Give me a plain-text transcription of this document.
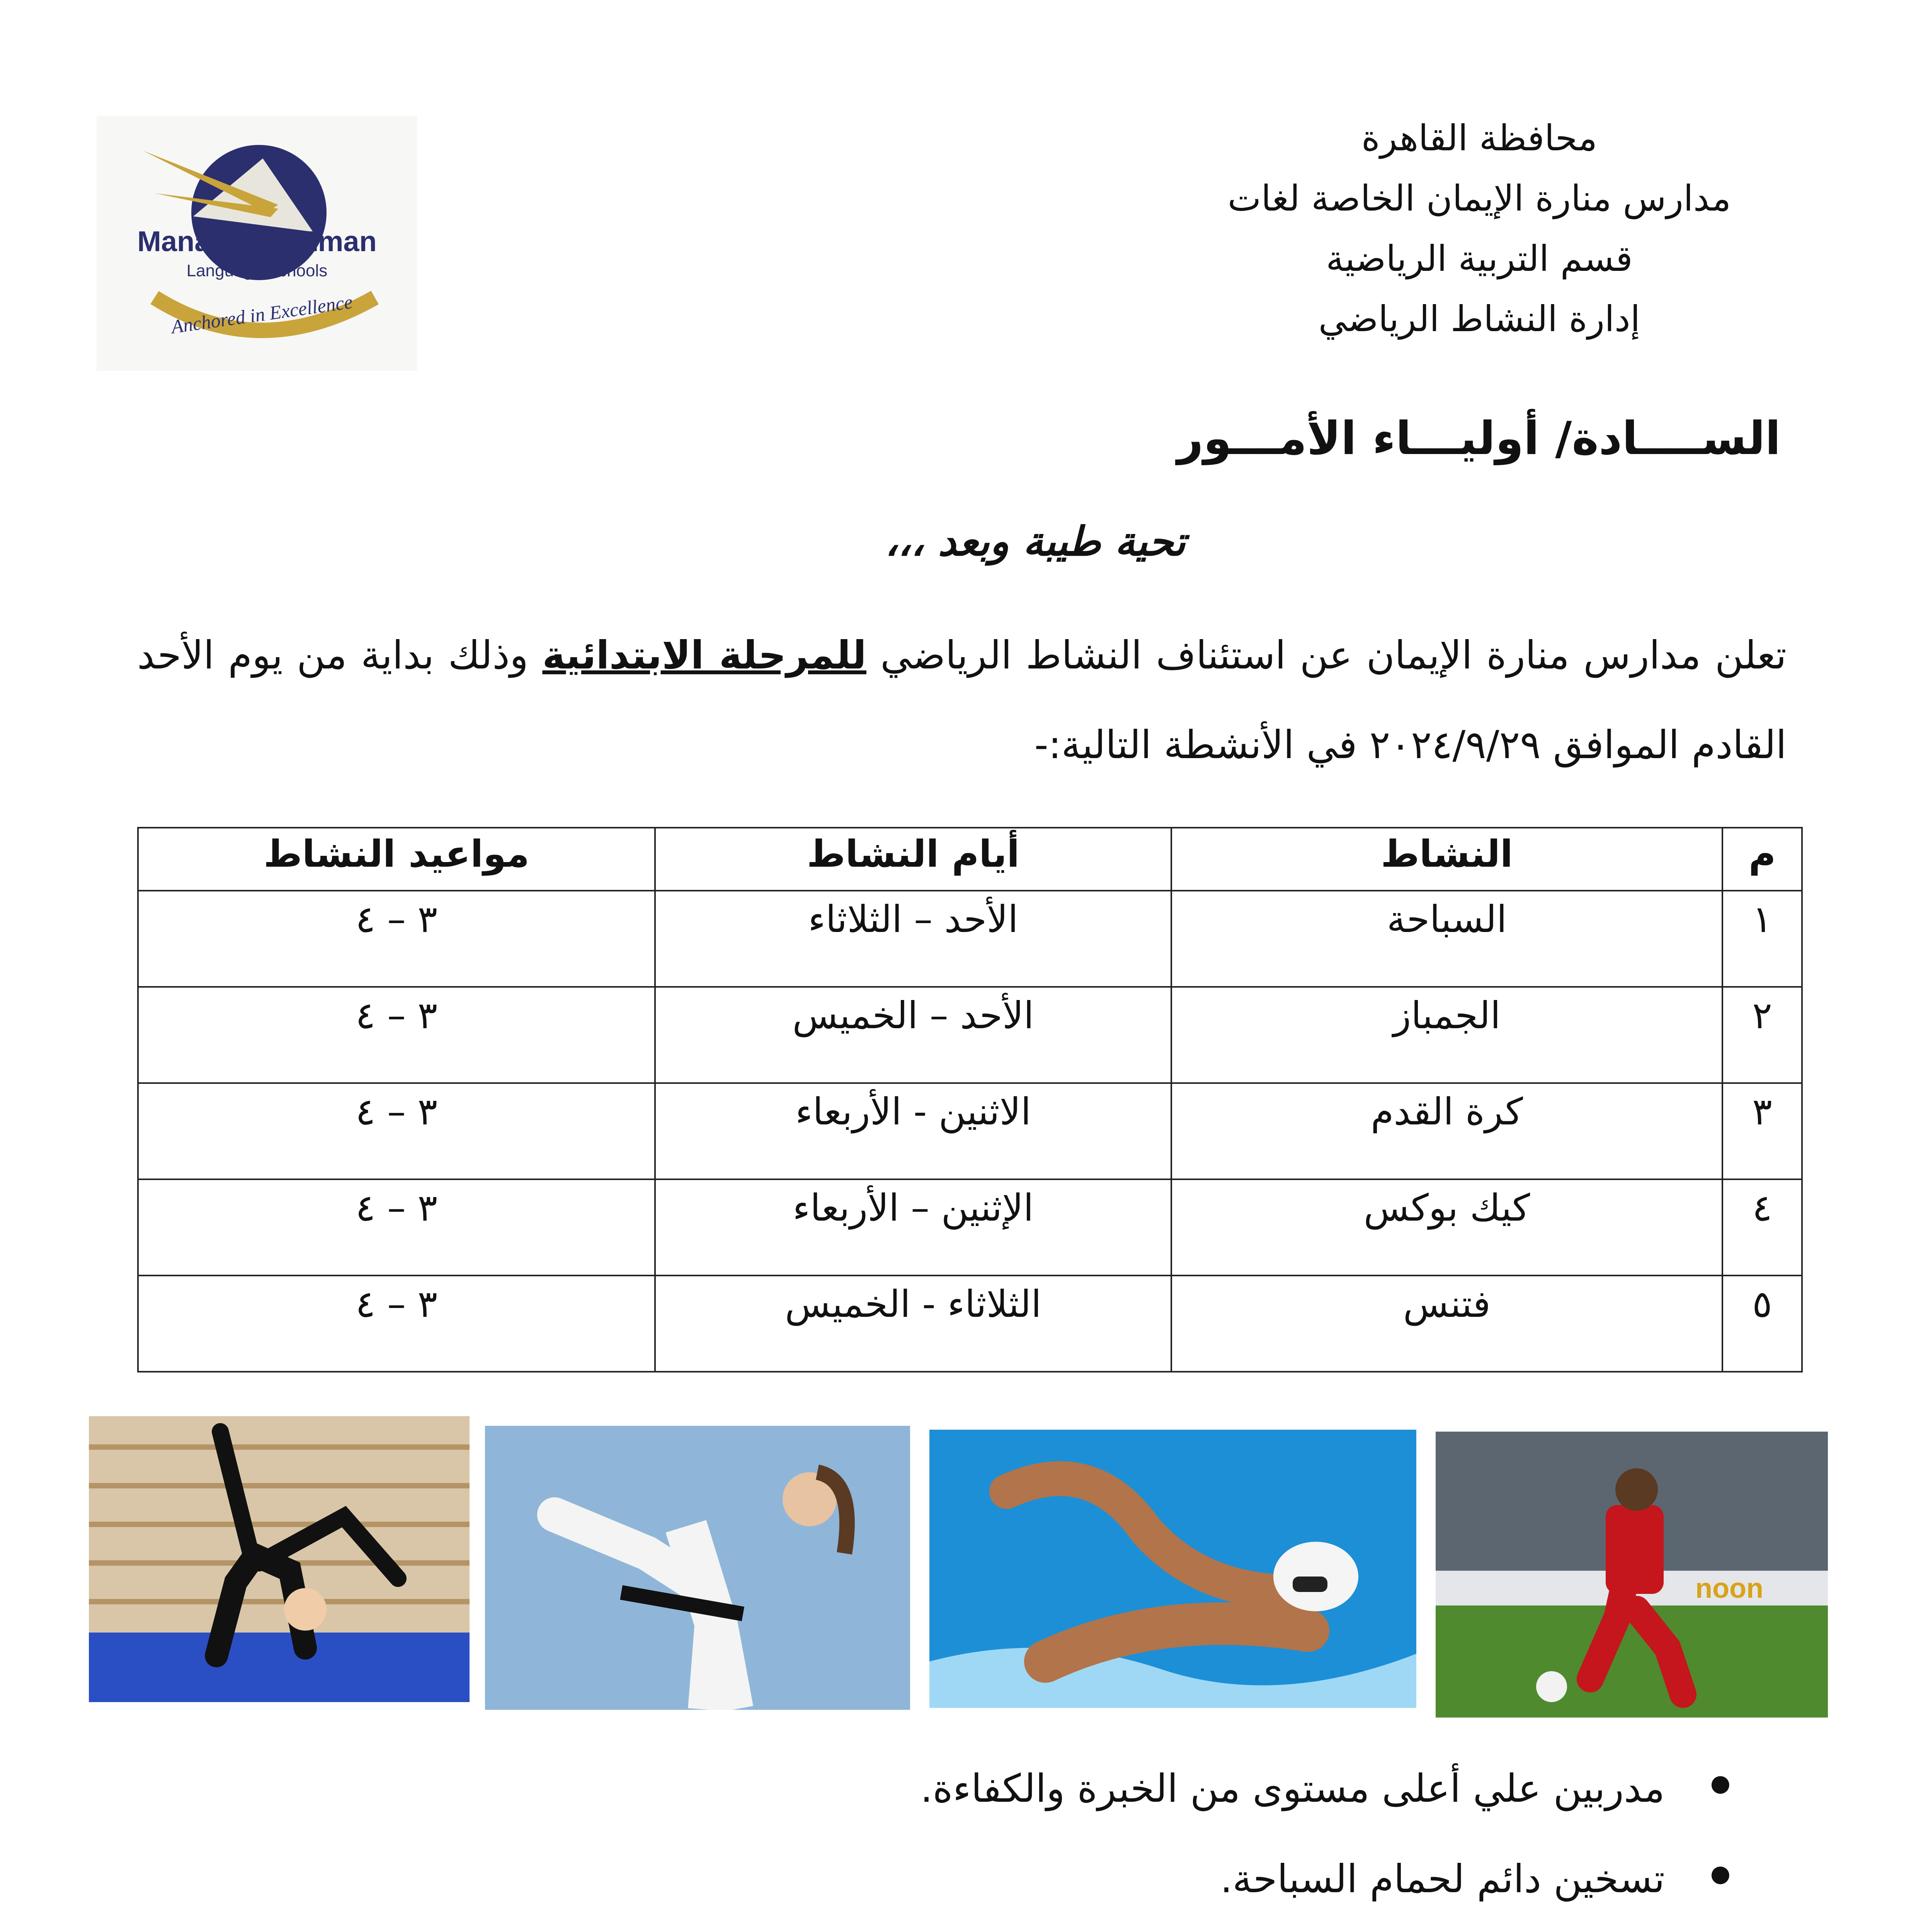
Manaret EL Eman
Language Schools
Anchored in Excellence
محافظة القاهرة
مدارس منارة الإيمان الخاصة لغات
قسم التربية الرياضية
إدارة النشاط الرياضي
الســــادة/ أوليـــاء الأمـــور
تحية طيبة وبعد ،،،
تعلن مدارس منارة الإيمان عن استئناف النشاط الرياضي للمرحلة الابتدائية وذلك بداية من يوم الأحد القادم الموافق ٢٠٢٤/٩/٢٩ في الأنشطة التالية:-
م	النشاط	أيام النشاط	مواعيد النشاط
١	السباحة	الأحد – الثلاثاء	٣ – ٤
٢	الجمباز	الأحد – الخميس	٣ – ٤
٣	كرة القدم	الاثنين - الأربعاء	٣ – ٤
٤	كيك بوكس	الإثنين – الأربعاء	٣ – ٤
٥	فتنس	الثلاثاء - الخميس	٣ – ٤
noon
● مدربين علي أعلى مستوى من الخبرة والكفاءة.
● تسخين دائم لحمام السباحة.
